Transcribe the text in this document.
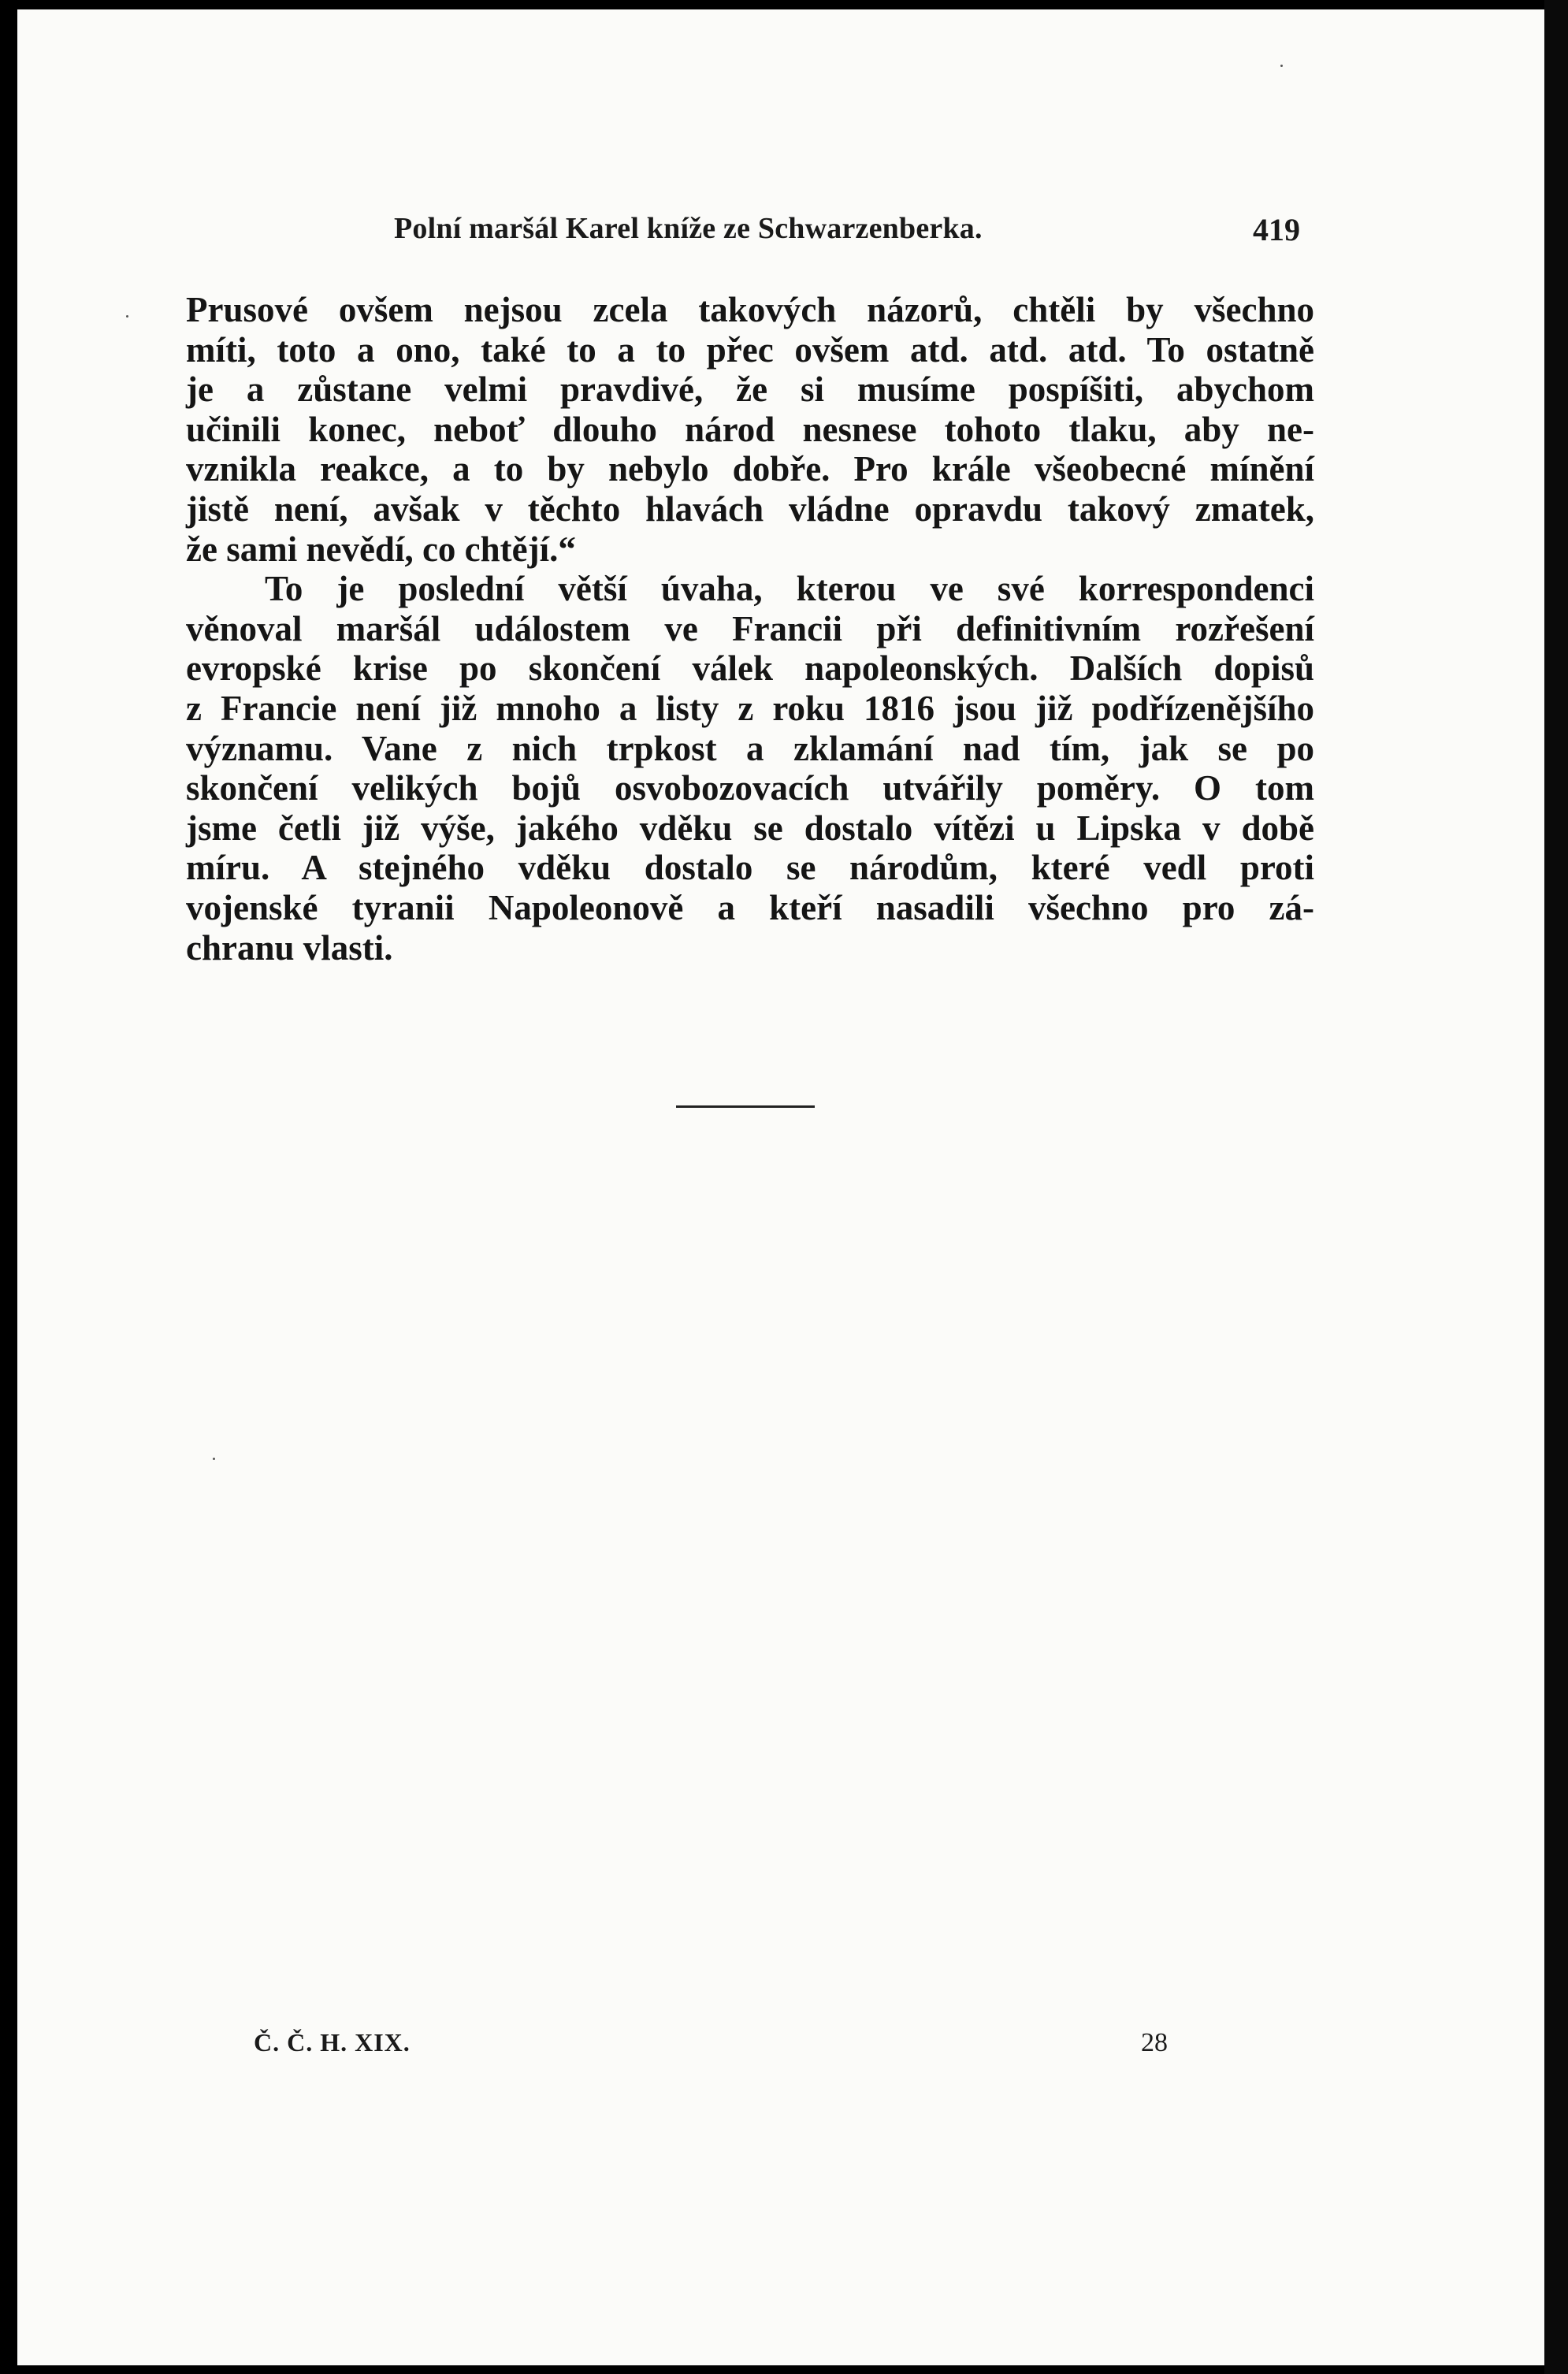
Polní maršál Karel kníže ze Schwarzenberka.	419
Prusové ovšem nejsou zcela takových názorů, chtěli by všechno
míti, toto a ono, také to a to přec ovšem atd. atd. atd. To ostatně
je a zůstane velmi pravdivé, že si musíme pospíšiti, abychom
učinili konec, neboť dlouho národ nesnese tohoto tlaku, aby ne-
vznikla reakce, a to by nebylo dobře. Pro krále všeobecné mínění
jistě není, avšak v těchto hlavách vládne opravdu takový zmatek,
že sami nevědí, co chtějí.“
To je poslední větší úvaha, kterou ve své korrespondenci
věnoval maršál událostem ve Francii při definitivním rozřešení
evropské krise po skončení válek napoleonských. Dalších dopisů
z Francie není již mnoho a listy z roku 1816 jsou již podřízenějšího
významu. Vane z nich trpkost a zklamání nad tím, jak se po
skončení velikých bojů osvobozovacích utvářily poměry. O tom
jsme četli již výše, jakého vděku se dostalo vítězi u Lipska v době
míru. A stejného vděku dostalo se národům, které vedl proti
vojenské tyranii Napoleonově a kteří nasadili všechno pro zá-
chranu vlasti.
Č. Č. H. XIX.	28
